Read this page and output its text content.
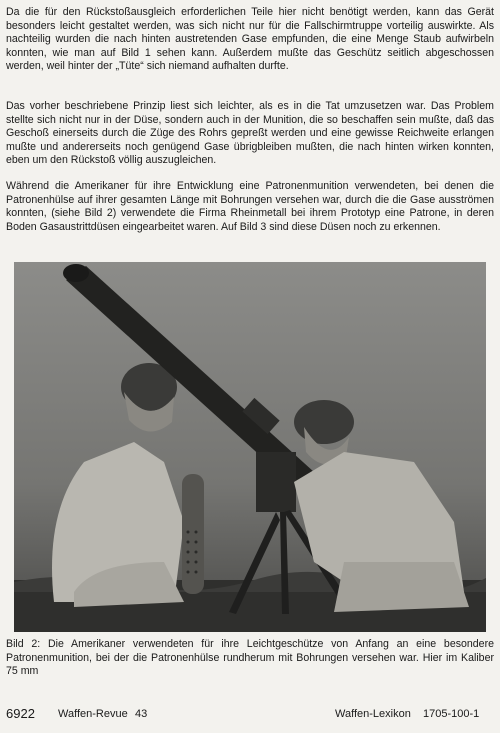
Da die für den Rückstoßausgleich erforderlichen Teile hier nicht benötigt werden, kann das Gerät besonders leicht gestaltet werden, was sich nicht nur für die Fallschirmtruppe vorteilig auswirkte. Als nachteilig wurden die nach hinten austretenden Gase empfunden, die eine Menge Staub aufwirbeln konnten, wie man auf Bild 1 sehen kann. Außerdem mußte das Geschütz seitlich abgeschossen werden, weil hinter der „Tüte“ sich niemand aufhalten durfte.

Das vorher beschriebene Prinzip liest sich leichter, als es in die Tat umzusetzen war. Das Problem stellte sich nicht nur in der Düse, sondern auch in der Munition, die so beschaffen sein mußte, daß das Geschoß einerseits durch die Züge des Rohrs gepreßt werden und eine gewisse Reichweite erlangen mußte und andererseits noch genügend Gase übrigbleiben mußten, die nach hinten wirken konnten, eben um den Rückstoß völlig auszugleichen.

Während die Amerikaner für ihre Entwicklung eine Patronenmunition verwendeten, bei denen die Patronenhülse auf ihrer gesamten Länge mit Bohrungen versehen war, durch die die Gase ausströmen konnten, (siehe Bild 2) verwendete die Firma Rheinmetall bei ihrem Prototyp eine Patrone, in deren Boden Gasaustrittdüsen eingearbeitet waren. Auf Bild 3 sind diese Düsen noch zu erkennen.

Bild 2: Die Amerikaner verwendeten für ihre Leichtgeschütze von Anfang an eine besondere Patronenmunition, bei der die Patronenhülse rundherum mit Bohrungen versehen war. Hier im Kaliber 75 mm

6922 Waffen-Revue 43	Waffen-Lexikon 1705-100-1
